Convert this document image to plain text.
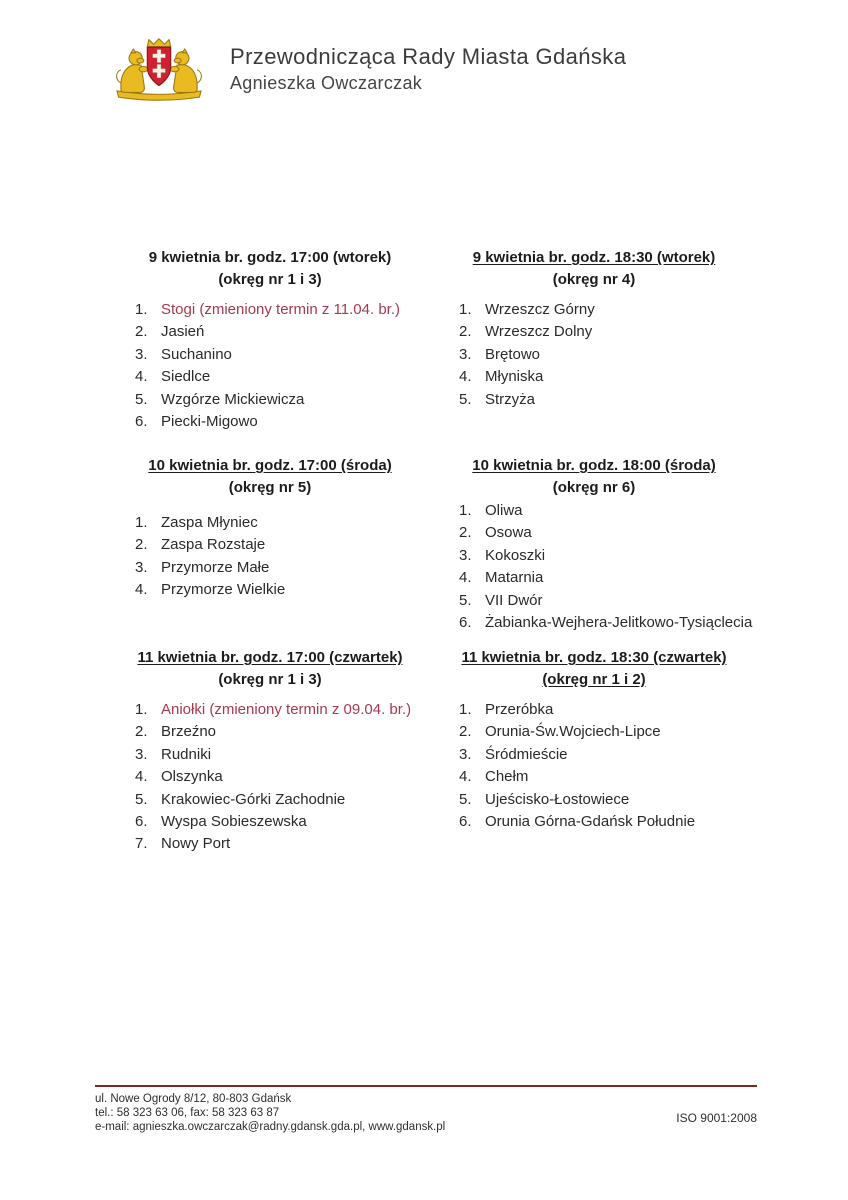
Przewodnicząca Rady Miasta Gdańska
Agnieszka Owczarczak
9 kwietnia br. godz. 17:00 (wtorek)
(okręg nr 1 i 3)
1. Stogi (zmieniony termin z 11.04. br.)
2. Jasień
3. Suchanino
4. Siedlce
5. Wzgórze Mickiewicza
6. Piecki-Migowo
10 kwietnia br. godz. 17:00 (środa)
(okręg nr 5)
1. Zaspa Młyniec
2. Zaspa Rozstaje
3. Przymorze Małe
4. Przymorze Wielkie
11 kwietnia br. godz. 17:00 (czwartek)
(okręg nr 1 i 3)
1. Aniołki (zmieniony termin z 09.04. br.)
2. Brzeźno
3. Rudniki
4. Olszynka
5. Krakowiec-Górki Zachodnie
6. Wyspa Sobieszewska
7. Nowy Port
9 kwietnia br. godz. 18:30 (wtorek)
(okręg nr 4)
1. Wrzeszcz Górny
2. Wrzeszcz Dolny
3. Brętowo
4. Młyniska
5. Strzyża
10 kwietnia br. godz. 18:00 (środa)
(okręg nr 6)
1. Oliwa
2. Osowa
3. Kokoszki
4. Matarnia
5. VII Dwór
6. Żabianka-Wejhera-Jelitkowo-Tysiąclecia
11 kwietnia br. godz. 18:30 (czwartek)
(okręg nr 1 i 2)
1. Przeróbka
2. Orunia-Św.Wojciech-Lipce
3. Śródmieście
4. Chełm
5. Ujeścisko-Łostowiece
6. Orunia Górna-Gdańsk Południe
ul. Nowe Ogrody 8/12, 80-803 Gdańsk
tel.: 58 323 63 06, fax: 58 323 63 87
e-mail: agnieszka.owczarczak@radny.gdansk.gda.pl, www.gdansk.pl
ISO 9001:2008
